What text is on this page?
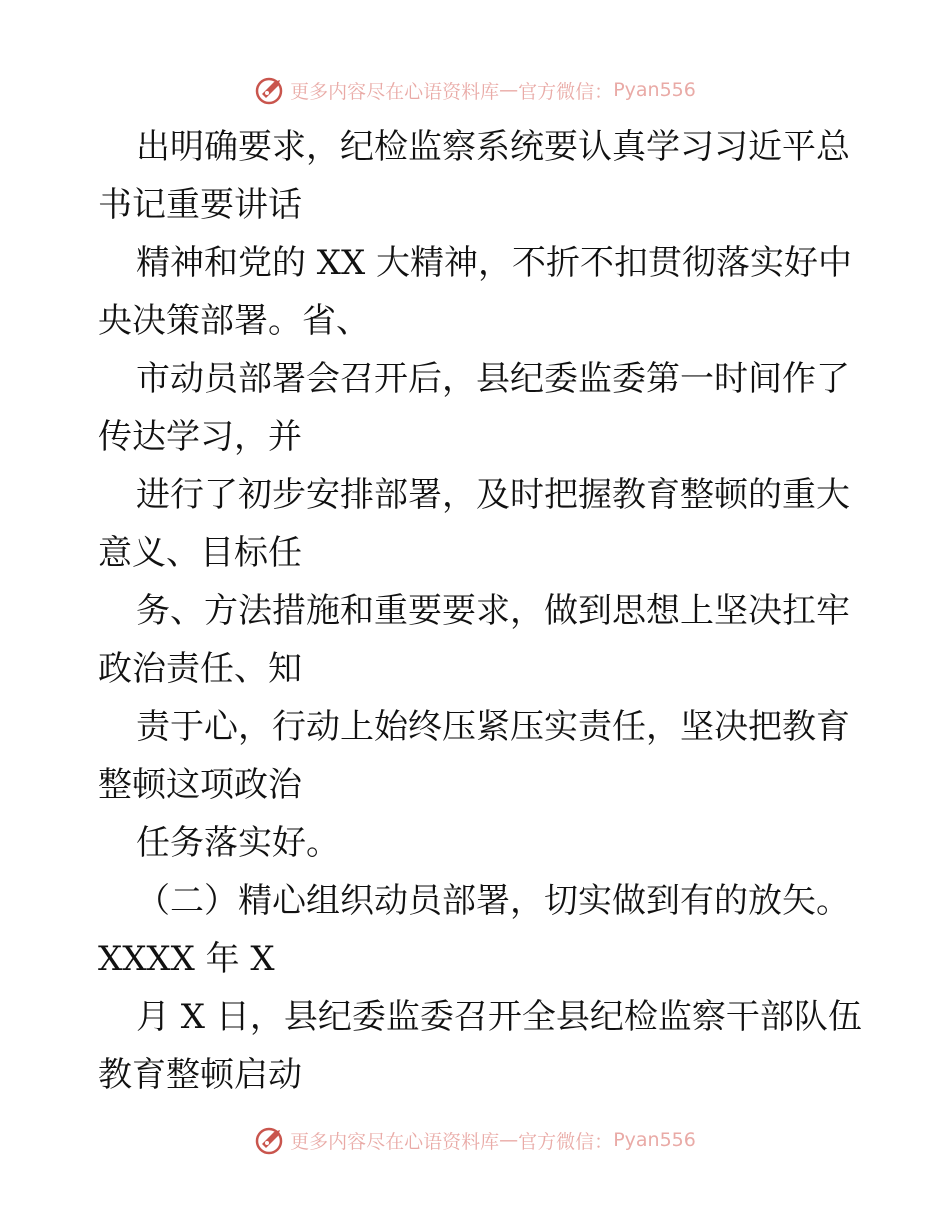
更多内容尽在心语资料库 — 官方微信： Pyan556

出明确要求，纪检监察系统要认真学习习近平总

书记重要讲话

精神和党的 XX 大精神，不折不扣贯彻落实好中

央决策部署。省、

市动员部署会召开后，县纪委监委第一时间作了

传达学习，并

进行了初步安排部署，及时把握教育整顿的重大

意义、目标任

务、方法措施和重要要求，做到思想上坚决扛牢

政治责任、知

责于心，行动上始终压紧压实责任，坚决把教育

整顿这项政治

任务落实好。

（二）精心组织动员部署，切实做到有的放矢。

XXXX 年 X

月 X 日，县纪委监委召开全县纪检监察干部队伍

教育整顿启动

更多内容尽在心语资料库 — 官方微信： Pyan556
